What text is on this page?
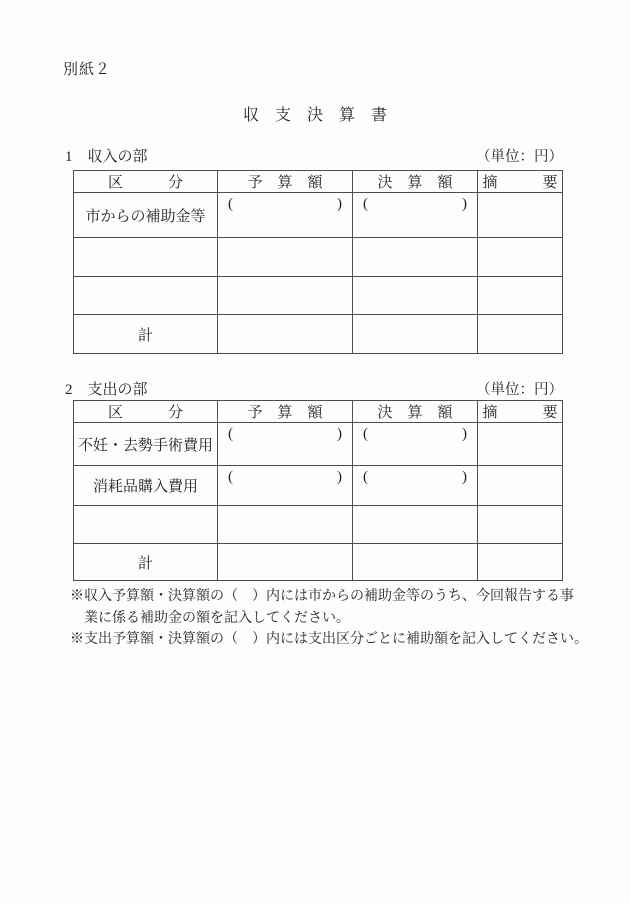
別紙２
収　支　決　算　書
1　収入の部	（単位：円）
区　　　分	予　算　額	決　算　額	摘　　　要
市からの補助金等	( )	( )	

計			
2　支出の部	（単位：円）
区　　　分	予　算　額	決　算　額	摘　　　要
不妊・去勢手術費用	( )	( )	

消耗品購入費用	( )	( )	

計			

※収入予算額・決算額の（　）内には市からの補助金等のうち、今回報告する事
業に係る補助金の額を記入してください。

※支出予算額・決算額の（　）内には支出区分ごとに補助額を記入してください。
